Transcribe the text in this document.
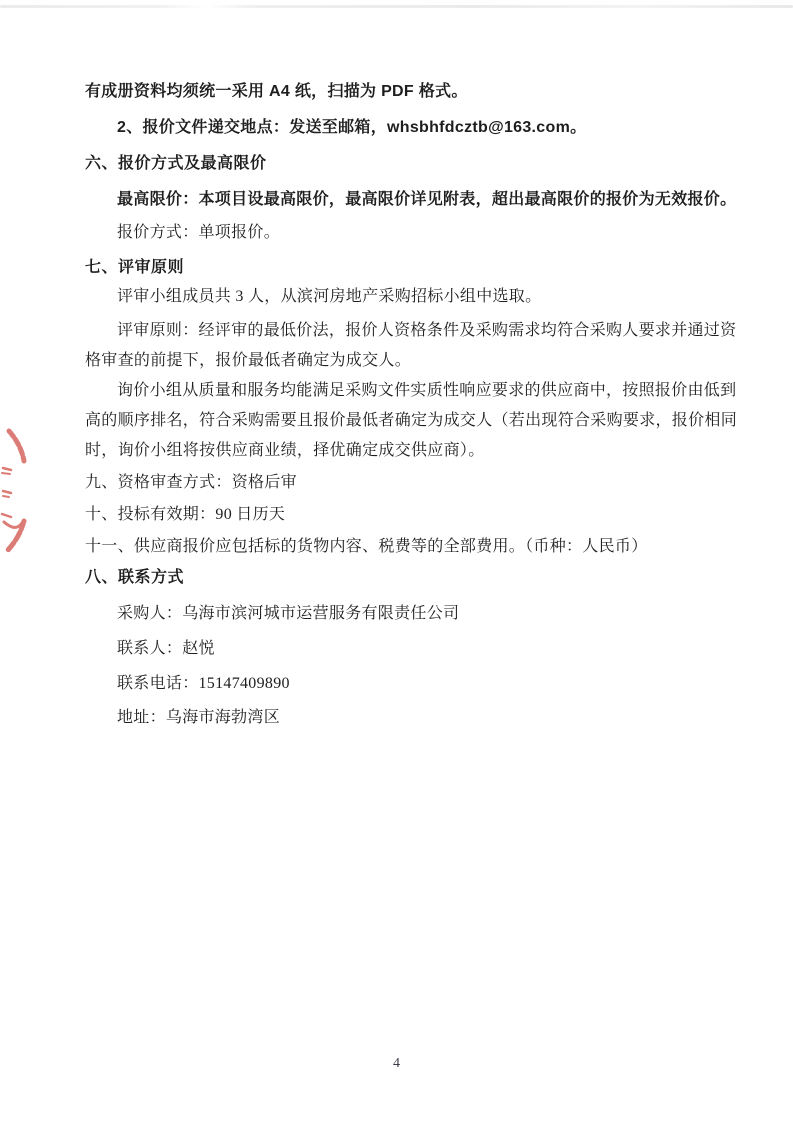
有成册资料均须统一采用 A4 纸，扫描为 PDF 格式。
2、报价文件递交地点：发送至邮箱，whsbhfdcztb@163.com。
六、报价方式及最高限价
最高限价：本项目设最高限价，最高限价详见附表，超出最高限价的报价为无效报价。
报价方式：单项报价。
七、评审原则
评审小组成员共 3 人，从滨河房地产采购招标小组中选取。
评审原则：经评审的最低价法，报价人资格条件及采购需求均符合采购人要求并通过资
格审查的前提下，报价最低者确定为成交人。
询价小组从质量和服务均能满足采购文件实质性响应要求的供应商中，按照报价由低到
高的顺序排名，符合采购需要且报价最低者确定为成交人（若出现符合采购要求，报价相同
时，询价小组将按供应商业绩，择优确定成交供应商）。
九、资格审查方式：资格后审
十、投标有效期：90 日历天
十一、供应商报价应包括标的货物内容、税费等的全部费用。（币种：人民币）
八、联系方式
采购人：乌海市滨河城市运营服务有限责任公司
联系人：赵悦
联系电话：15147409890
地址：乌海市海勃湾区
4
